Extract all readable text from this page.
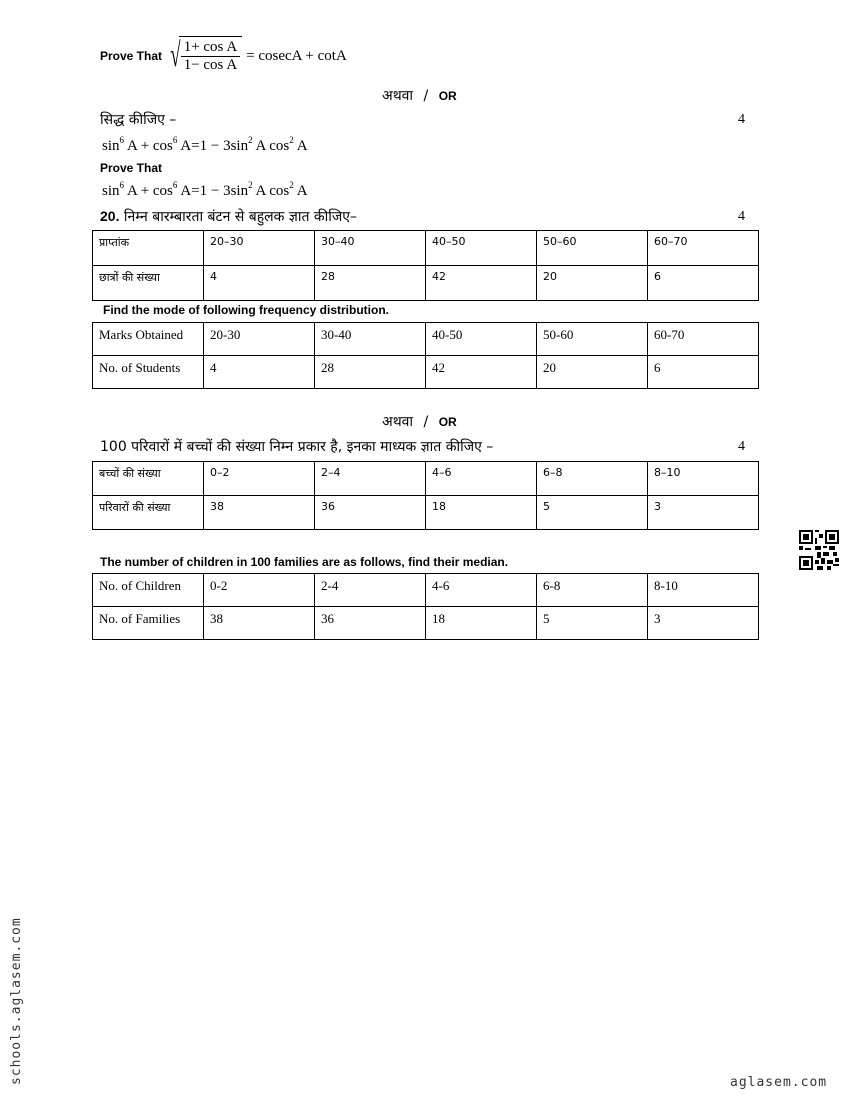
Prove That √ $\frac{\text{1+ cos A}}{\text{1− cos A}} = cosecA + \cot A$
अथवा / OR
सिद्ध कीजिए –	4
$\sin^6 A + \cos^6 A=1 - 3\sin^2$ A $\cos^2 A$
Prove That
$\sin^6 A + \cos^6 A=1 - 3\sin^2$ A $\cos^2 A$
20. निम्न बारम्बारता बंटन से बहुलक ज्ञात कीजिए–	4
प्राप्तांक	20–30	30–40	40–50	50–60	60–70
छात्रों की संख्या	4	28	42	20	6
Find the mode of following frequency distribution.
Marks Obtained	20-30	30-40	40-50	50-60	60-70
No. of Students	4	28	42	20	6
अथवा / OR
100 परिवारों में बच्चों की संख्या निम्न प्रकार है, इनका माध्यक ज्ञात कीजिए –	4
बच्चों की संख्या	0–2	2–4	4–6	6–8	8–10
परिवारों की संख्या	38	36	18	5	3
The number of children in 100 families are as follows, find their median.
No. of Children	0-2	2-4	4-6	6-8	8-10
No. of Families	38	36	18	5	3
schools.aglasem.com	aglasem.com
